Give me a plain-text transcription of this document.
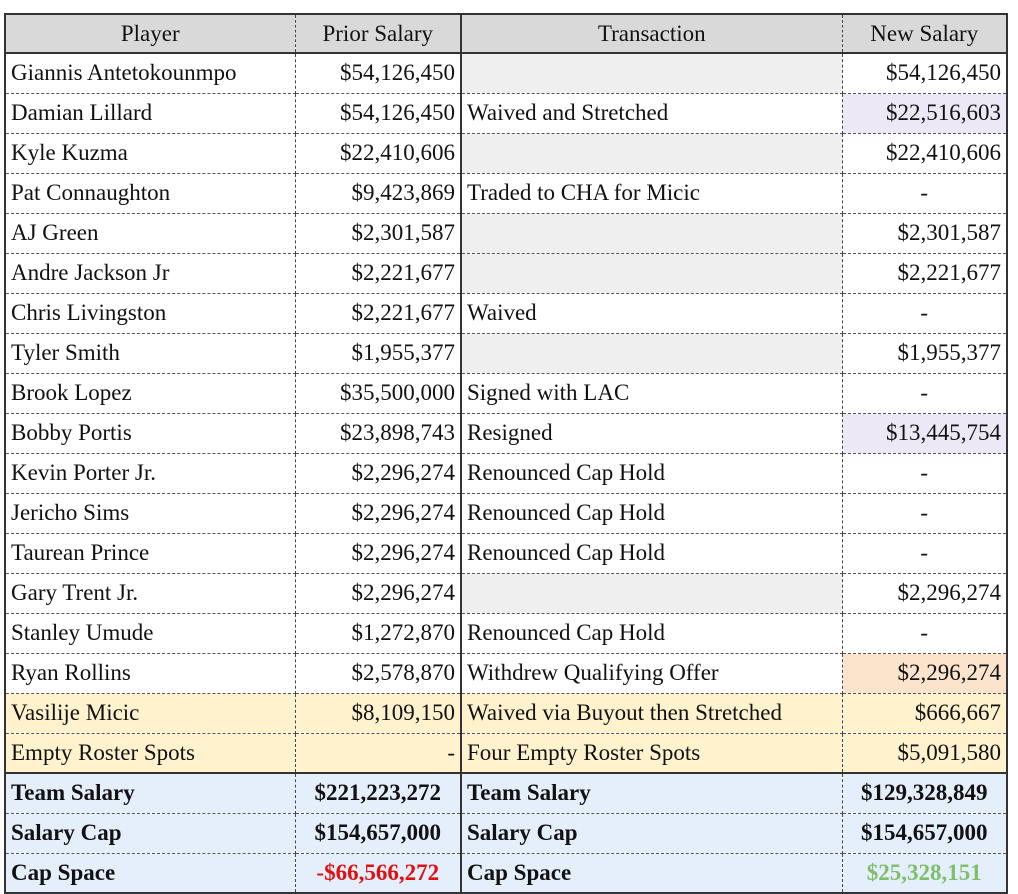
Player	Prior Salary	Transaction	New Salary
Giannis Antetokounmpo	$54,126,450		$54,126,450
Damian Lillard	$54,126,450	Waived and Stretched	$22,516,603
Kyle Kuzma	$22,410,606		$22,410,606
Pat Connaughton	$9,423,869	Traded to CHA for Micic	-
AJ Green	$2,301,587		$2,301,587
Andre Jackson Jr	$2,221,677		$2,221,677
Chris Livingston	$2,221,677	Waived	-
Tyler Smith	$1,955,377		$1,955,377
Brook Lopez	$35,500,000	Signed with LAC	-
Bobby Portis	$23,898,743	Resigned	$13,445,754
Kevin Porter Jr.	$2,296,274	Renounced Cap Hold	-
Jericho Sims	$2,296,274	Renounced Cap Hold	-
Taurean Prince	$2,296,274	Renounced Cap Hold	-
Gary Trent Jr.	$2,296,274		$2,296,274
Stanley Umude	$1,272,870	Renounced Cap Hold	-
Ryan Rollins	$2,578,870	Withdrew Qualifying Offer	$2,296,274
Vasilije Micic	$8,109,150	Waived via Buyout then Stretched	$666,667
Empty Roster Spots	-	Four Empty Roster Spots	$5,091,580
Team Salary	$221,223,272	Team Salary	$129,328,849
Salary Cap	$154,657,000	Salary Cap	$154,657,000
Cap Space	-$66,566,272	Cap Space	$25,328,151
